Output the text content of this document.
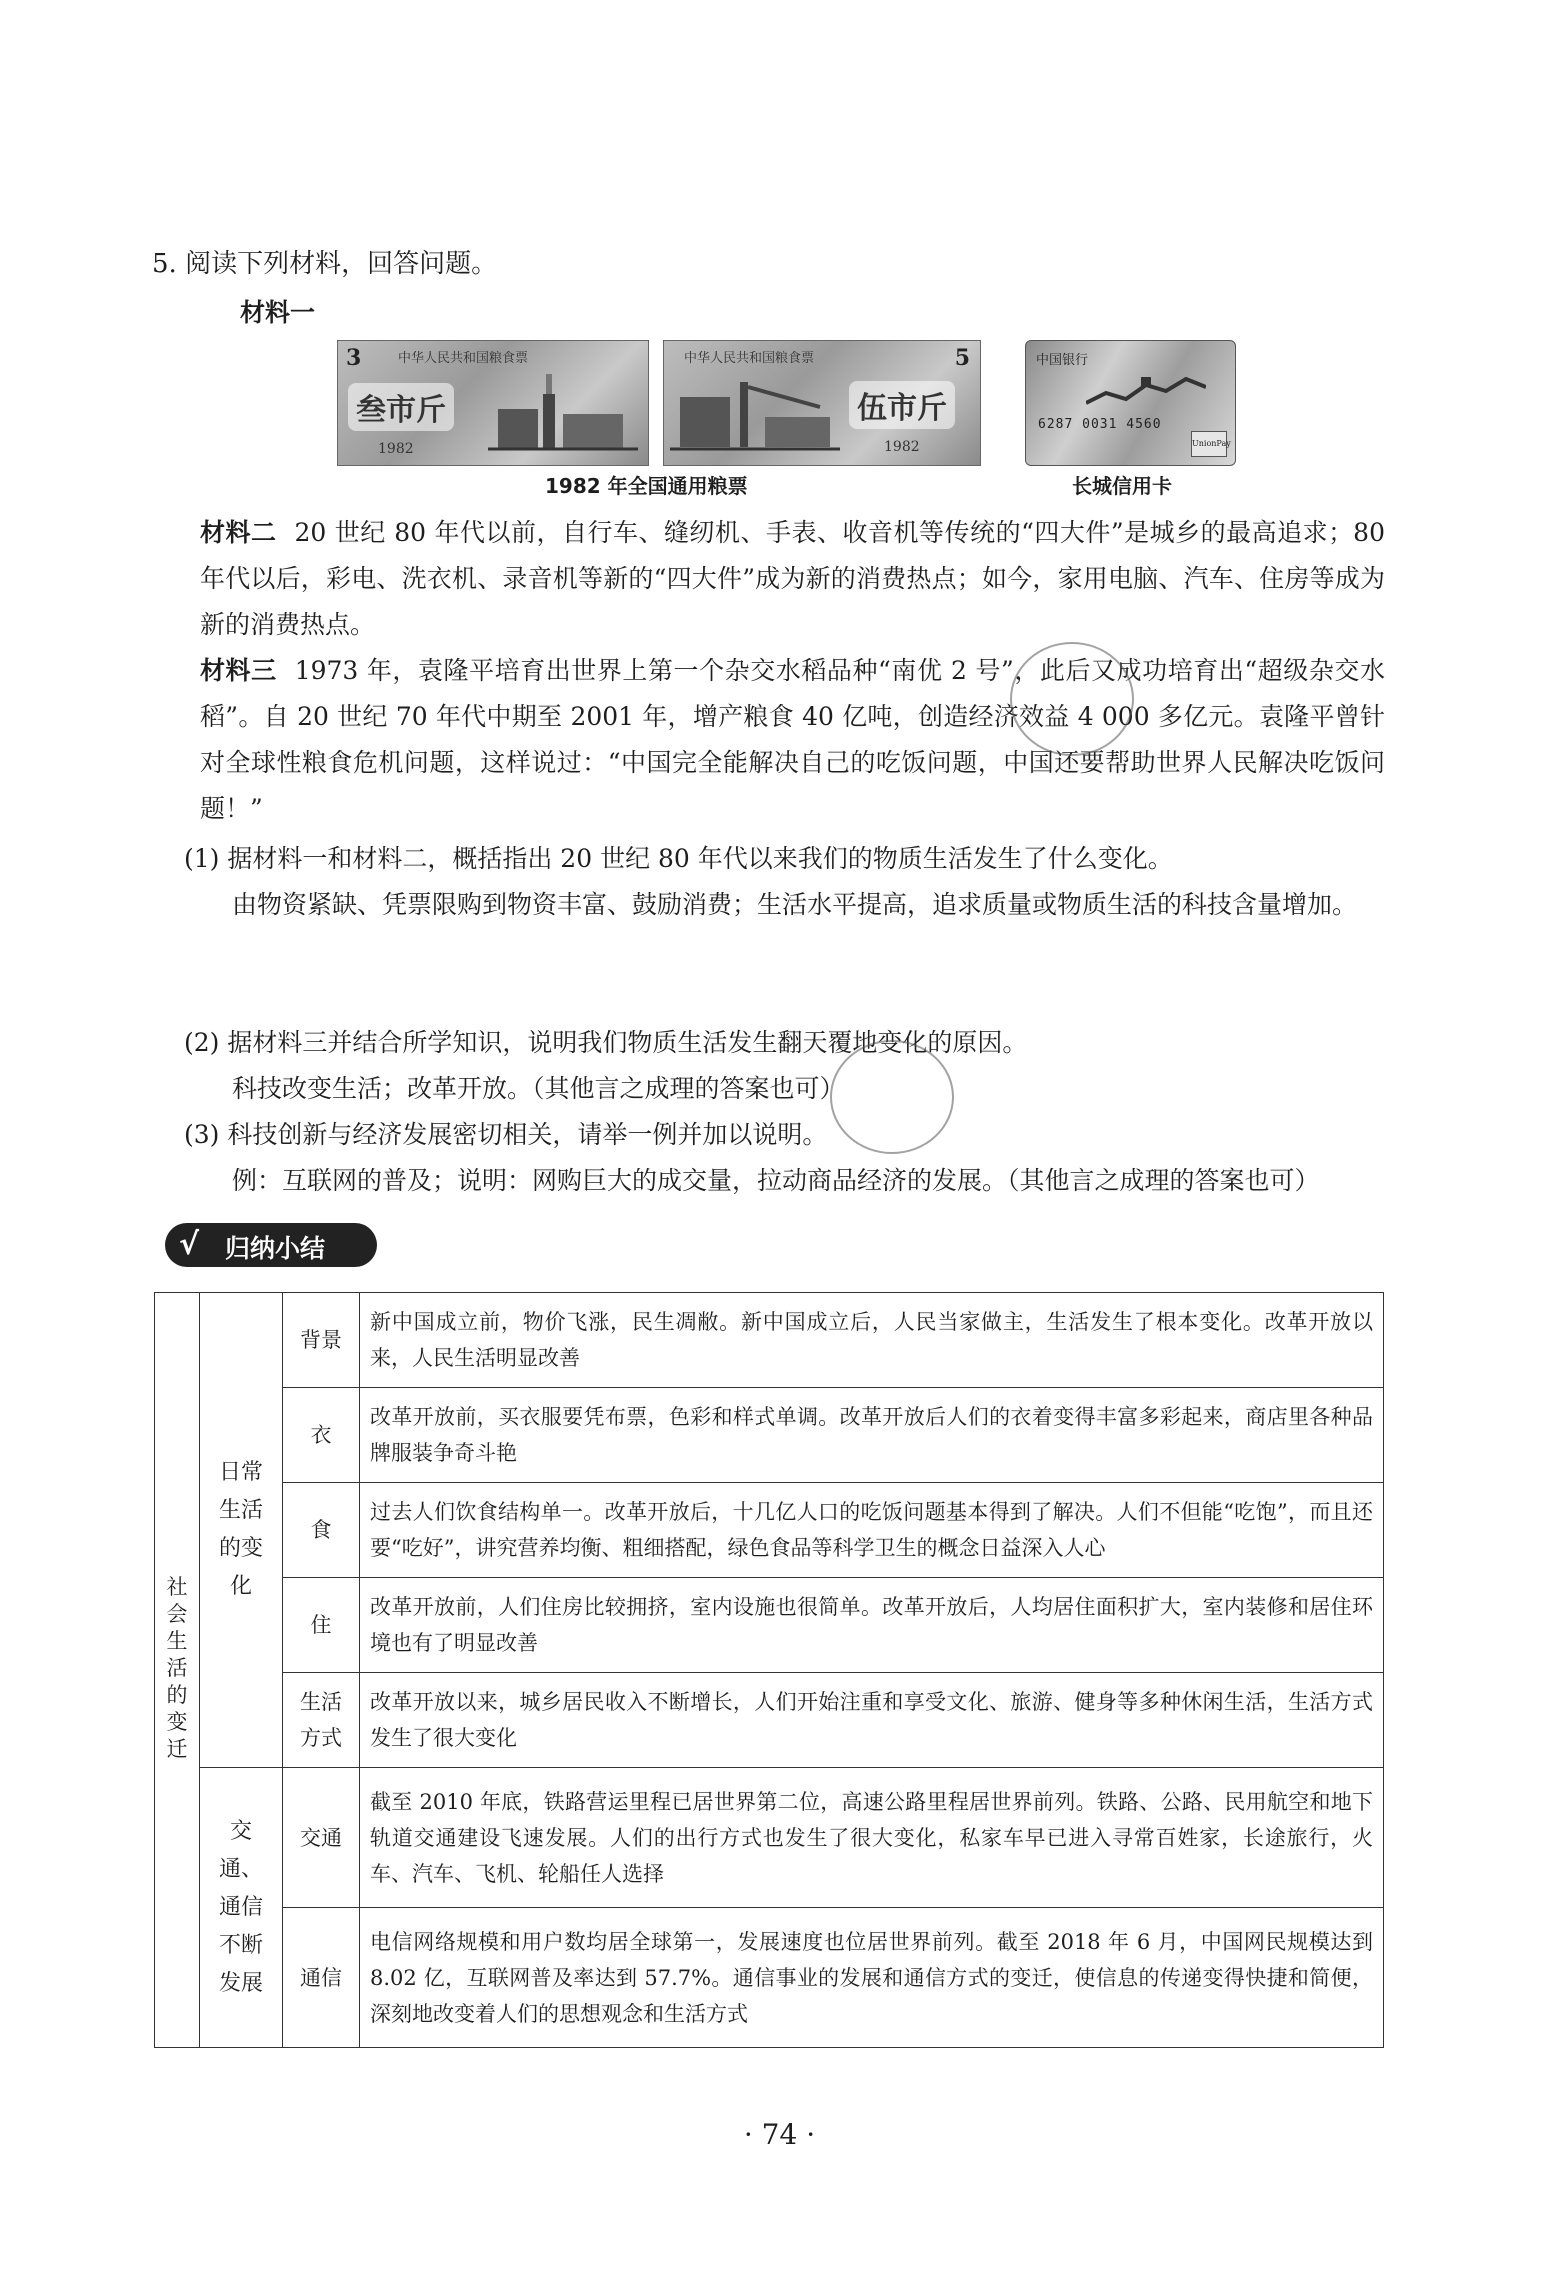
5. 阅读下列材料，回答问题。
材料一
3	中华人民共和国粮食票
叁市斤
1982
5
中华人民共和国粮食票
伍市斤
1982
中国银行
6287 0031 4560
UnionPay
1982 年全国通用粮票	长城信用卡
材料二 20 世纪 80 年代以前，自行车、缝纫机、手表、收音机等传统的“四大件”是城乡的最高追求；80 年代以后，彩电、洗衣机、录音机等新的“四大件”成为新的消费热点；如今，家用电脑、汽车、住房等成为新的消费热点。
材料三 1973 年，袁隆平培育出世界上第一个杂交水稻品种“南优 2 号”，此后又成功培育出“超级杂交水稻”。自 20 世纪 70 年代中期至 2001 年，增产粮食 40 亿吨，创造经济效益 4 000 多亿元。袁隆平曾针对全球性粮食危机问题，这样说过：“中国完全能解决自己的吃饭问题，中国还要帮助世界人民解决吃饭问题！”
(1) 据材料一和材料二，概括指出 20 世纪 80 年代以来我们的物质生活发生了什么变化。
由物资紧缺、凭票限购到物资丰富、鼓励消费；生活水平提高，追求质量或物质生活的科技含量增加。
(2) 据材料三并结合所学知识，说明我们物质生活发生翻天覆地变化的原因。
科技改变生活；改革开放。（其他言之成理的答案也可）
(3) 科技创新与经济发展密切相关，请举一例并加以说明。
例：互联网的普及；说明：网购巨大的成交量，拉动商品经济的发展。（其他言之成理的答案也可）
√	归纳小结
社会生活的变迁	日常生活的变化	背景	新中国成立前，物价飞涨，民生凋敝。新中国成立后，人民当家做主，生活发生了根本变化。改革开放以来，人民生活明显改善
		衣	改革开放前，买衣服要凭布票，色彩和样式单调。改革开放后人们的衣着变得丰富多彩起来，商店里各种品牌服装争奇斗艳
		食	过去人们饮食结构单一。改革开放后，十几亿人口的吃饭问题基本得到了解决。人们不但能“吃饱”，而且还要“吃好”，讲究营养均衡、粗细搭配，绿色食品等科学卫生的概念日益深入人心
		住	改革开放前，人们住房比较拥挤，室内设施也很简单。改革开放后，人均居住面积扩大，室内装修和居住环境也有了明显改善
		生活方式	改革开放以来，城乡居民收入不断增长，人们开始注重和享受文化、旅游、健身等多种休闲生活，生活方式发生了很大变化
	交通、通信不断发展	交通	截至 2010 年底，铁路营运里程已居世界第二位，高速公路里程居世界前列。铁路、公路、民用航空和地下轨道交通建设飞速发展。人们的出行方式也发生了很大变化，私家车早已进入寻常百姓家，长途旅行，火车、汽车、飞机、轮船任人选择
		通信	电信网络规模和用户数均居全球第一，发展速度也位居世界前列。截至 2018 年 6 月，中国网民规模达到 8.02 亿，互联网普及率达到 57.7%。通信事业的发展和通信方式的变迁，使信息的传递变得快捷和简便，深刻地改变着人们的思想观念和生活方式
· 74 ·
